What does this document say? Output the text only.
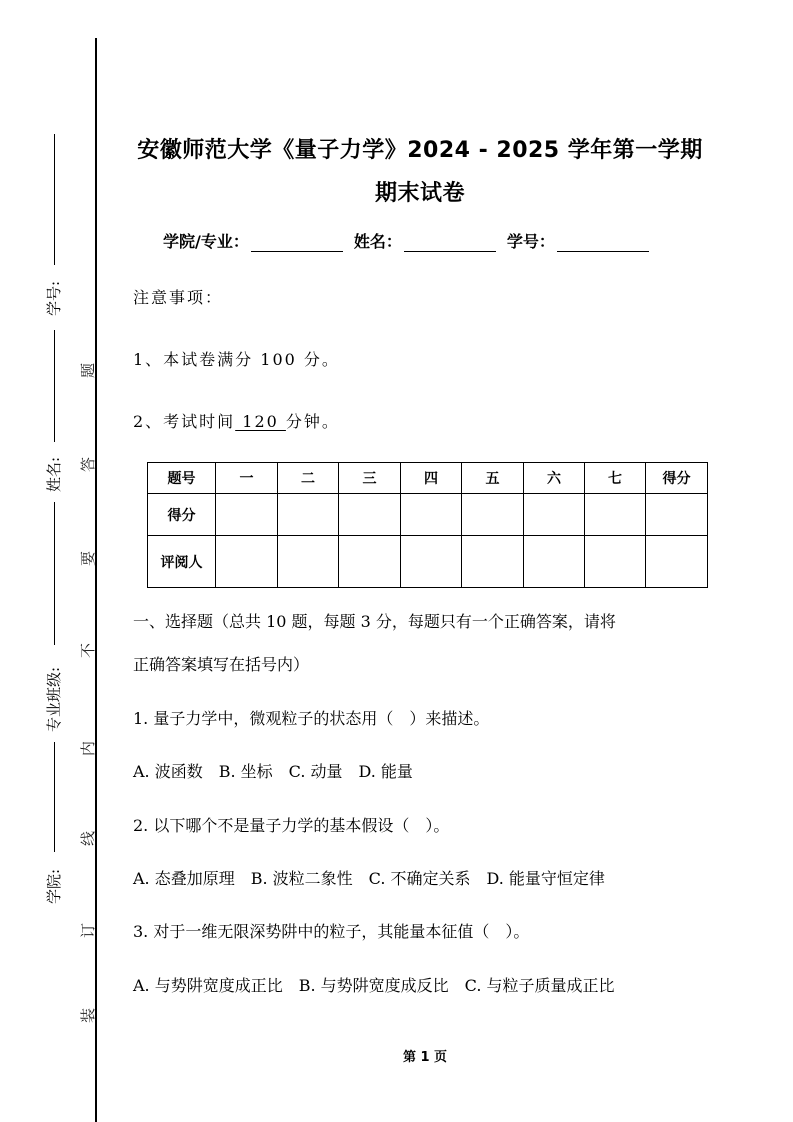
学号:
姓名:
专业班级:
学院:
题
答
要
不
内
线
订
装
安徽师范大学《量子力学》2024 - 2025 学年第一学期
期末试卷
学院/专业：	姓名：	学号：
注意事项：
1、本试卷满分 100 分。
2、考试时间 120 分钟。
题号	一	二	三	四	五	六	七	得分
得分								
评阅人								
一、选择题（总共 10 题，每题 3 分，每题只有一个正确答案，请将
正确答案填写在括号内）
1. 量子力学中，微观粒子的状态用（　）来描述。
A. 波函数　B. 坐标　C. 动量　D. 能量
2. 以下哪个不是量子力学的基本假设（　）。
A. 态叠加原理　B. 波粒二象性　C. 不确定关系　D. 能量守恒定律
3. 对于一维无限深势阱中的粒子，其能量本征值（　）。
A. 与势阱宽度成正比　B. 与势阱宽度成反比　C. 与粒子质量成正比
第 1 页
